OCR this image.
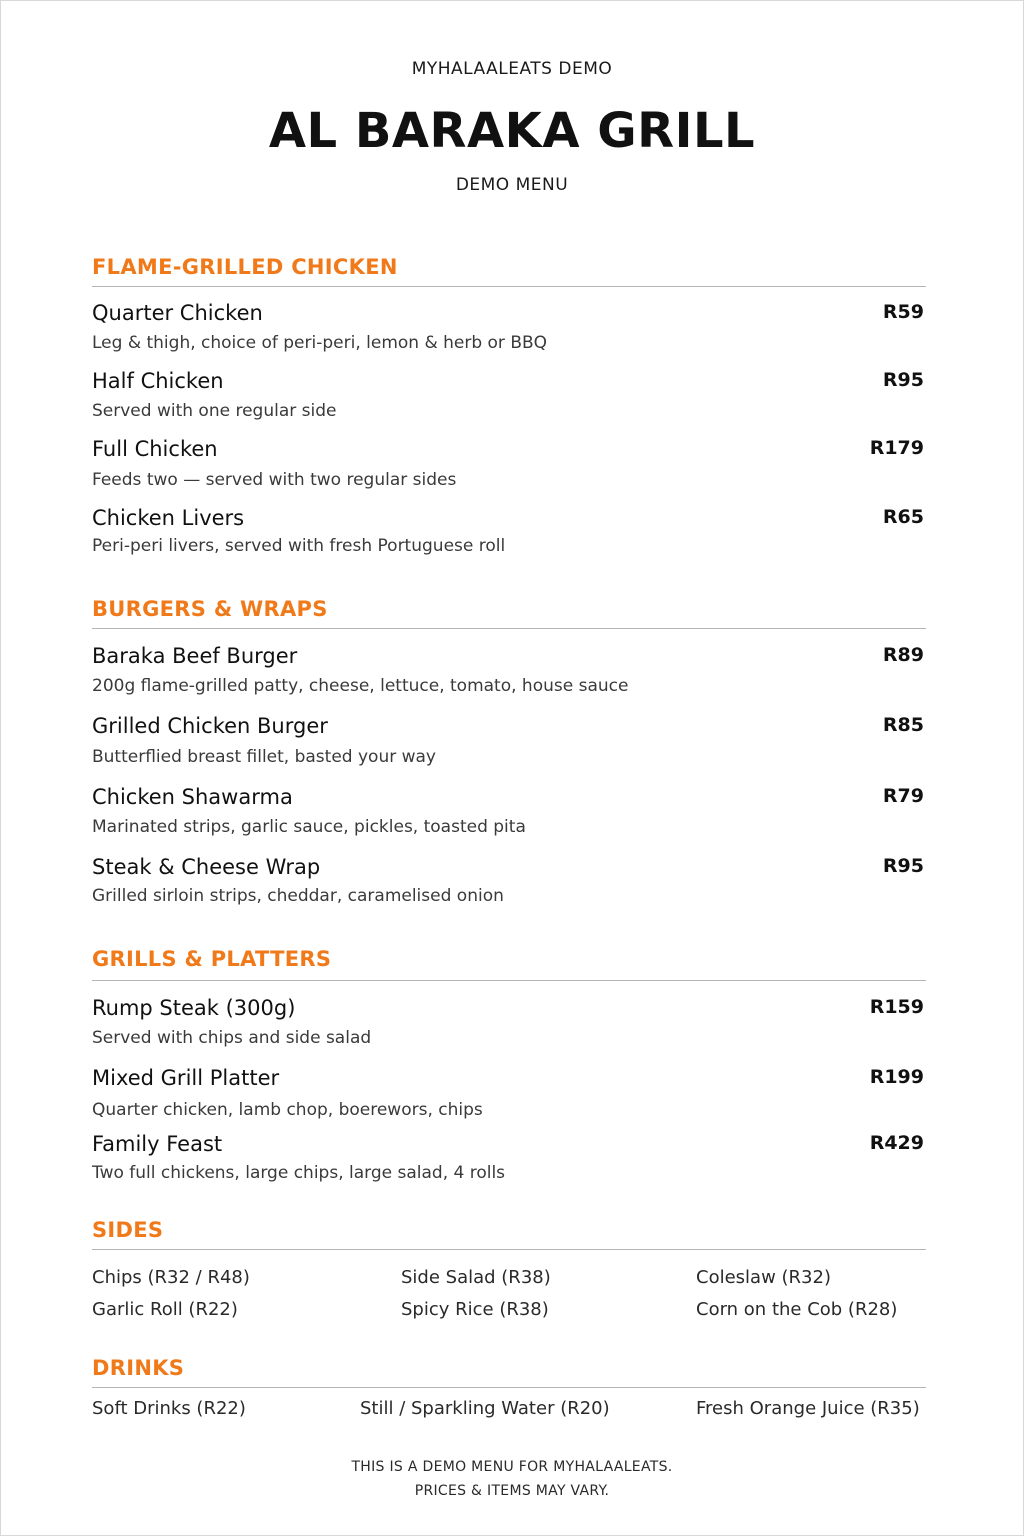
MYHALAALEATS DEMO
AL BARAKA GRILL
DEMO MENU
FLAME-GRILLED CHICKEN
Quarter Chicken	R59
Leg & thigh, choice of peri-peri, lemon & herb or BBQ
Half Chicken	R95
Served with one regular side
Full Chicken	R179
Feeds two — served with two regular sides
Chicken Livers	R65
Peri-peri livers, served with fresh Portuguese roll
BURGERS & WRAPS
Baraka Beef Burger	R89
200g flame-grilled patty, cheese, lettuce, tomato, house sauce
Grilled Chicken Burger	R85
Butterflied breast fillet, basted your way
Chicken Shawarma	R79
Marinated strips, garlic sauce, pickles, toasted pita
Steak & Cheese Wrap	R95
Grilled sirloin strips, cheddar, caramelised onion
GRILLS & PLATTERS
Rump Steak (300g)	R159
Served with chips and side salad
Mixed Grill Platter	R199
Quarter chicken, lamb chop, boerewors, chips
Family Feast	R429
Two full chickens, large chips, large salad, 4 rolls
SIDES
Chips (R32 / R48)	Side Salad (R38)	Coleslaw (R32)
Garlic Roll (R22)	Spicy Rice (R38)	Corn on the Cob (R28)
DRINKS
Soft Drinks (R22)	Still / Sparkling Water (R20)	Fresh Orange Juice (R35)
THIS IS A DEMO MENU FOR MYHALAALEATS.
PRICES & ITEMS MAY VARY.
